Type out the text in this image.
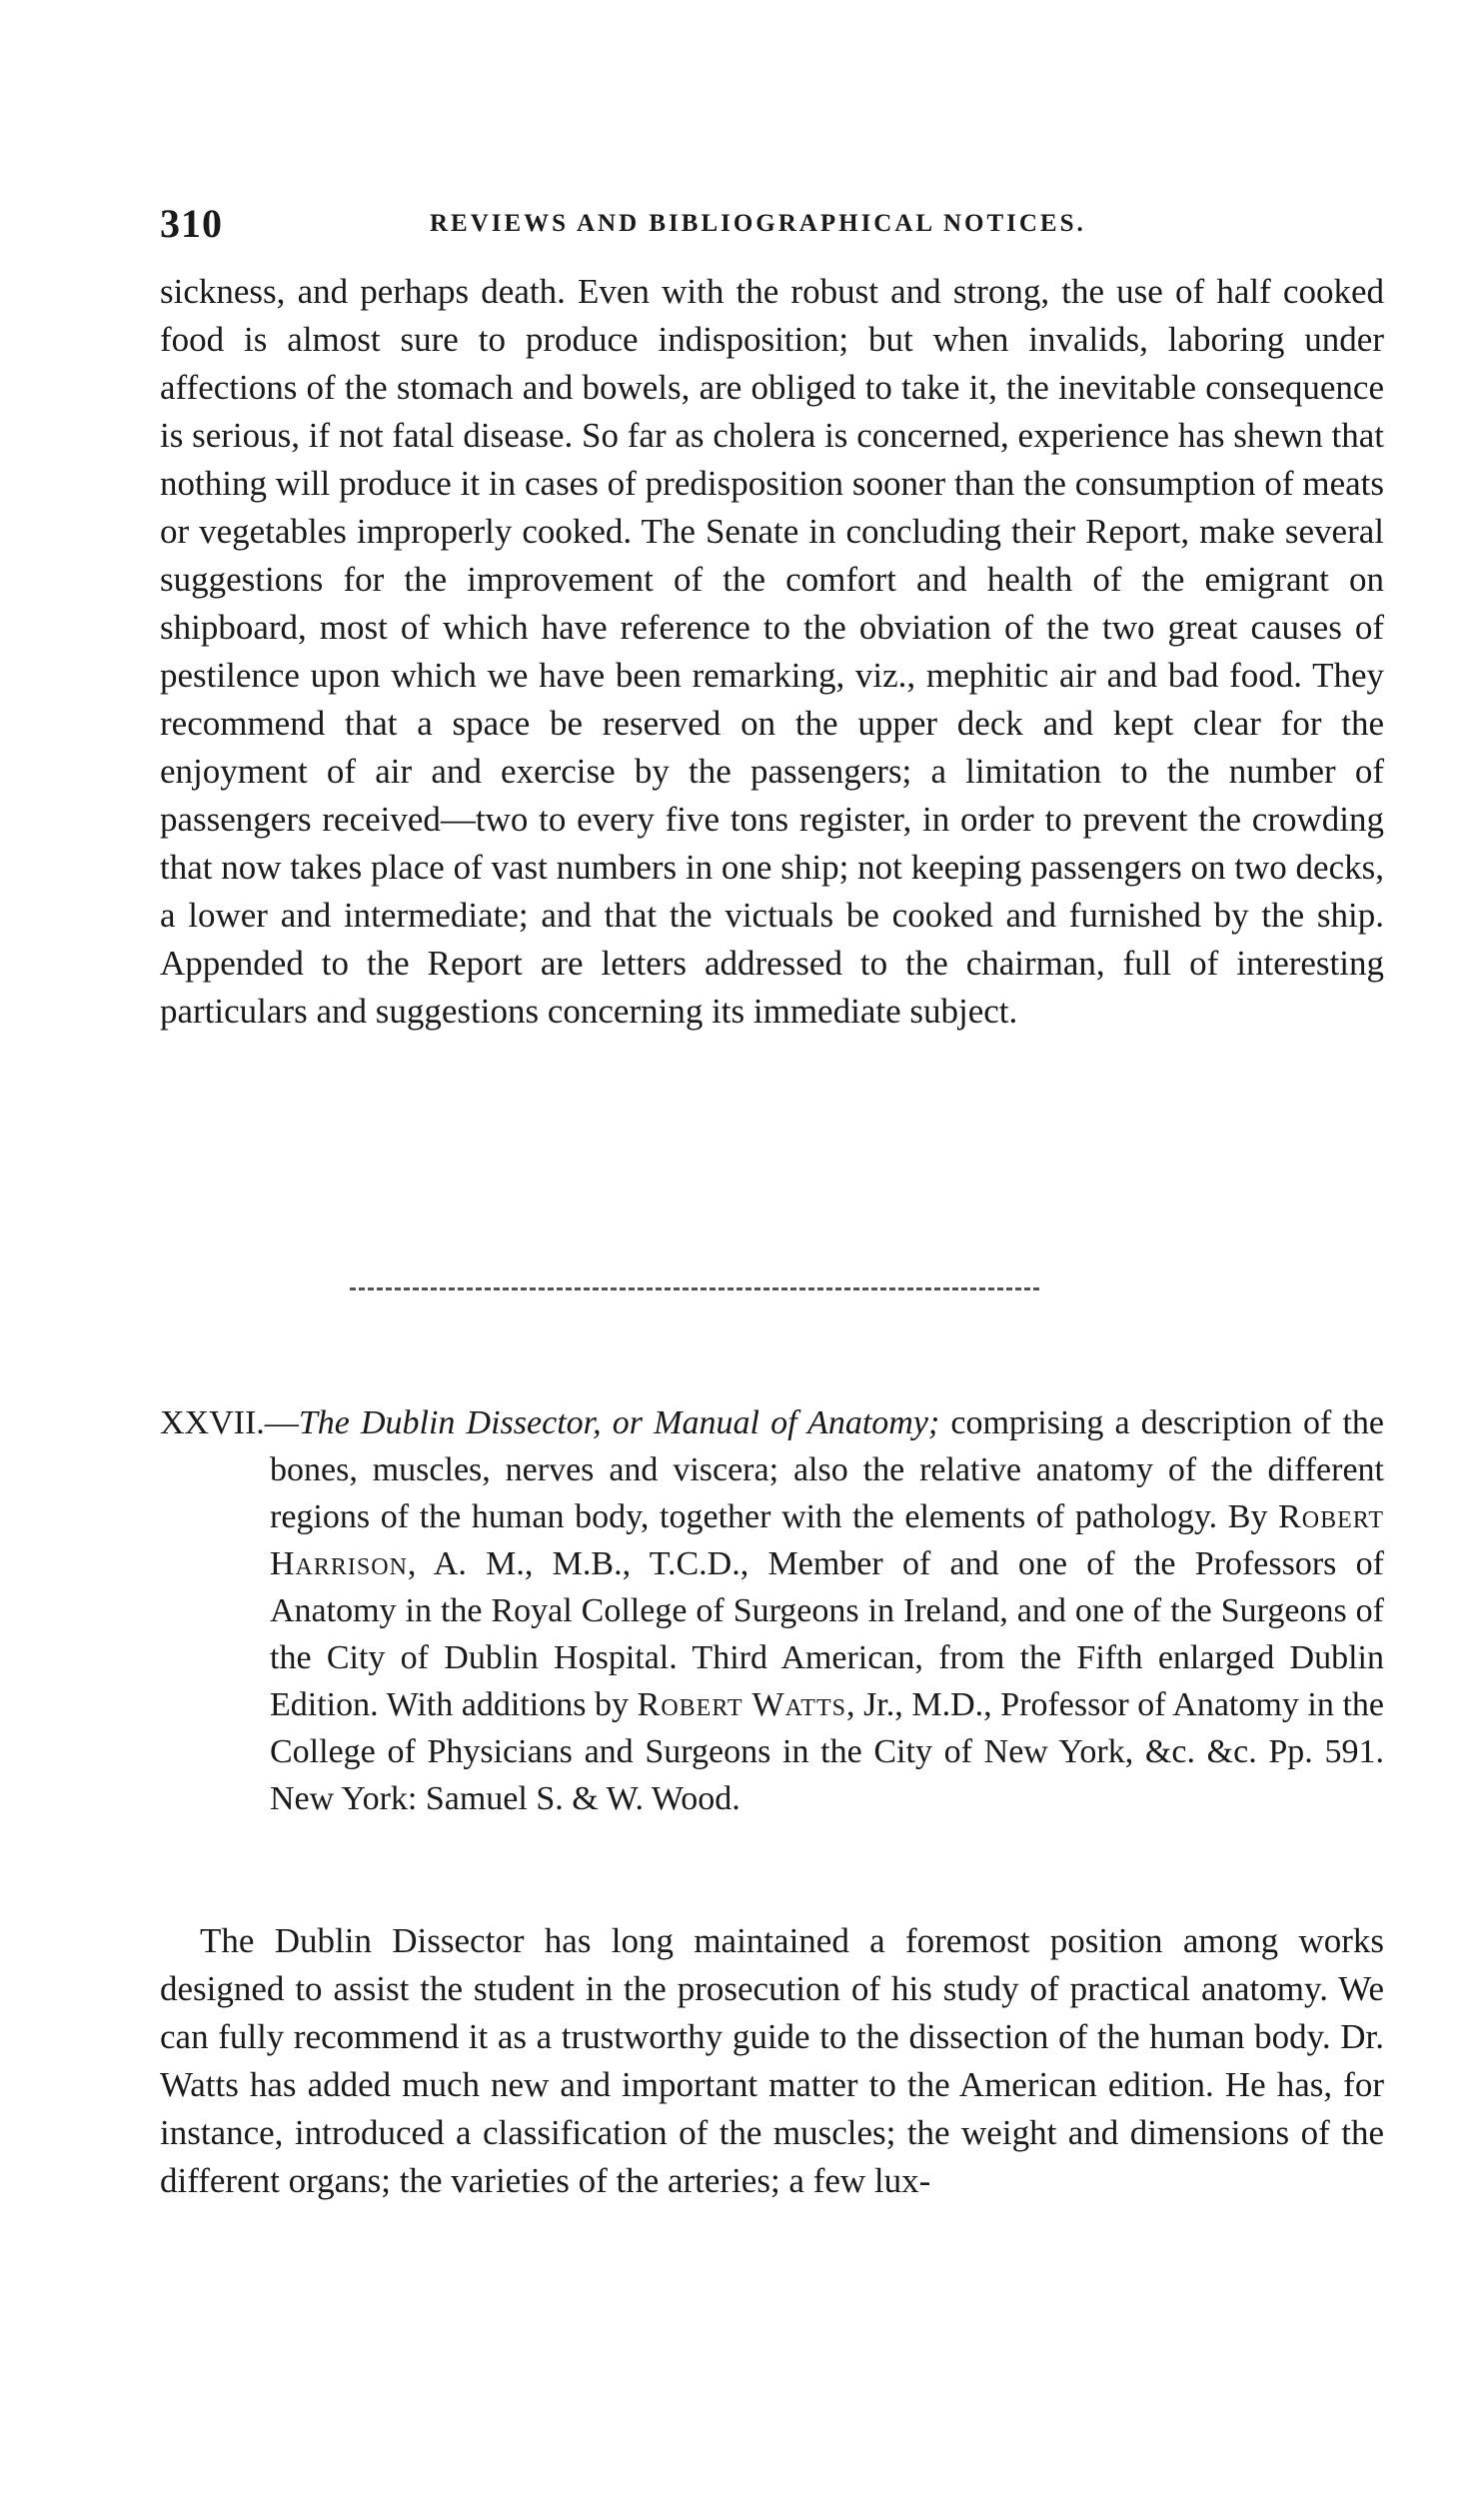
310	REVIEWS AND BIBLIOGRAPHICAL NOTICES.

sickness, and perhaps death. Even with the robust and strong, the use of half cooked food is almost sure to produce indisposition; but when invalids, laboring under affections of the stomach and bowels, are obliged to take it, the inevitable consequence is serious, if not fatal disease. So far as cholera is concerned, experience has shewn that nothing will produce it in cases of predisposition sooner than the consumption of meats or vegetables improperly cooked. The Senate in concluding their Report, make several suggestions for the improvement of the comfort and health of the emigrant on shipboard, most of which have reference to the obviation of the two great causes of pestilence upon which we have been remarking, viz., mephitic air and bad food. They recommend that a space be reserved on the upper deck and kept clear for the enjoyment of air and exercise by the passengers; a limitation to the number of passengers received—two to every five tons register, in order to prevent the crowding that now takes place of vast numbers in one ship; not keeping passengers on two decks, a lower and intermediate; and that the victuals be cooked and furnished by the ship. Appended to the Report are letters addressed to the chairman, full of interesting particulars and suggestions concerning its immediate subject.

XXVII.—The Dublin Dissector, or Manual of Anatomy; comprising a description of the bones, muscles, nerves and viscera; also the relative anatomy of the different regions of the human body, together with the elements of pathology. By Robert Harrison, A. M., M.B., T.C.D., Member of and one of the Professors of Anatomy in the Royal College of Surgeons in Ireland, and one of the Surgeons of the City of Dublin Hospital. Third American, from the Fifth enlarged Dublin Edition. With additions by Robert Watts, Jr., M.D., Professor of Anatomy in the College of Physicians and Surgeons in the City of New York, &c. &c. Pp. 591. New York: Samuel S. & W. Wood.

The Dublin Dissector has long maintained a foremost position among works designed to assist the student in the prosecution of his study of practical anatomy. We can fully recommend it as a trustworthy guide to the dissection of the human body. Dr. Watts has added much new and important matter to the American edition. He has, for instance, introduced a classification of the muscles; the weight and dimensions of the different organs; the varieties of the arteries; a few lux-
